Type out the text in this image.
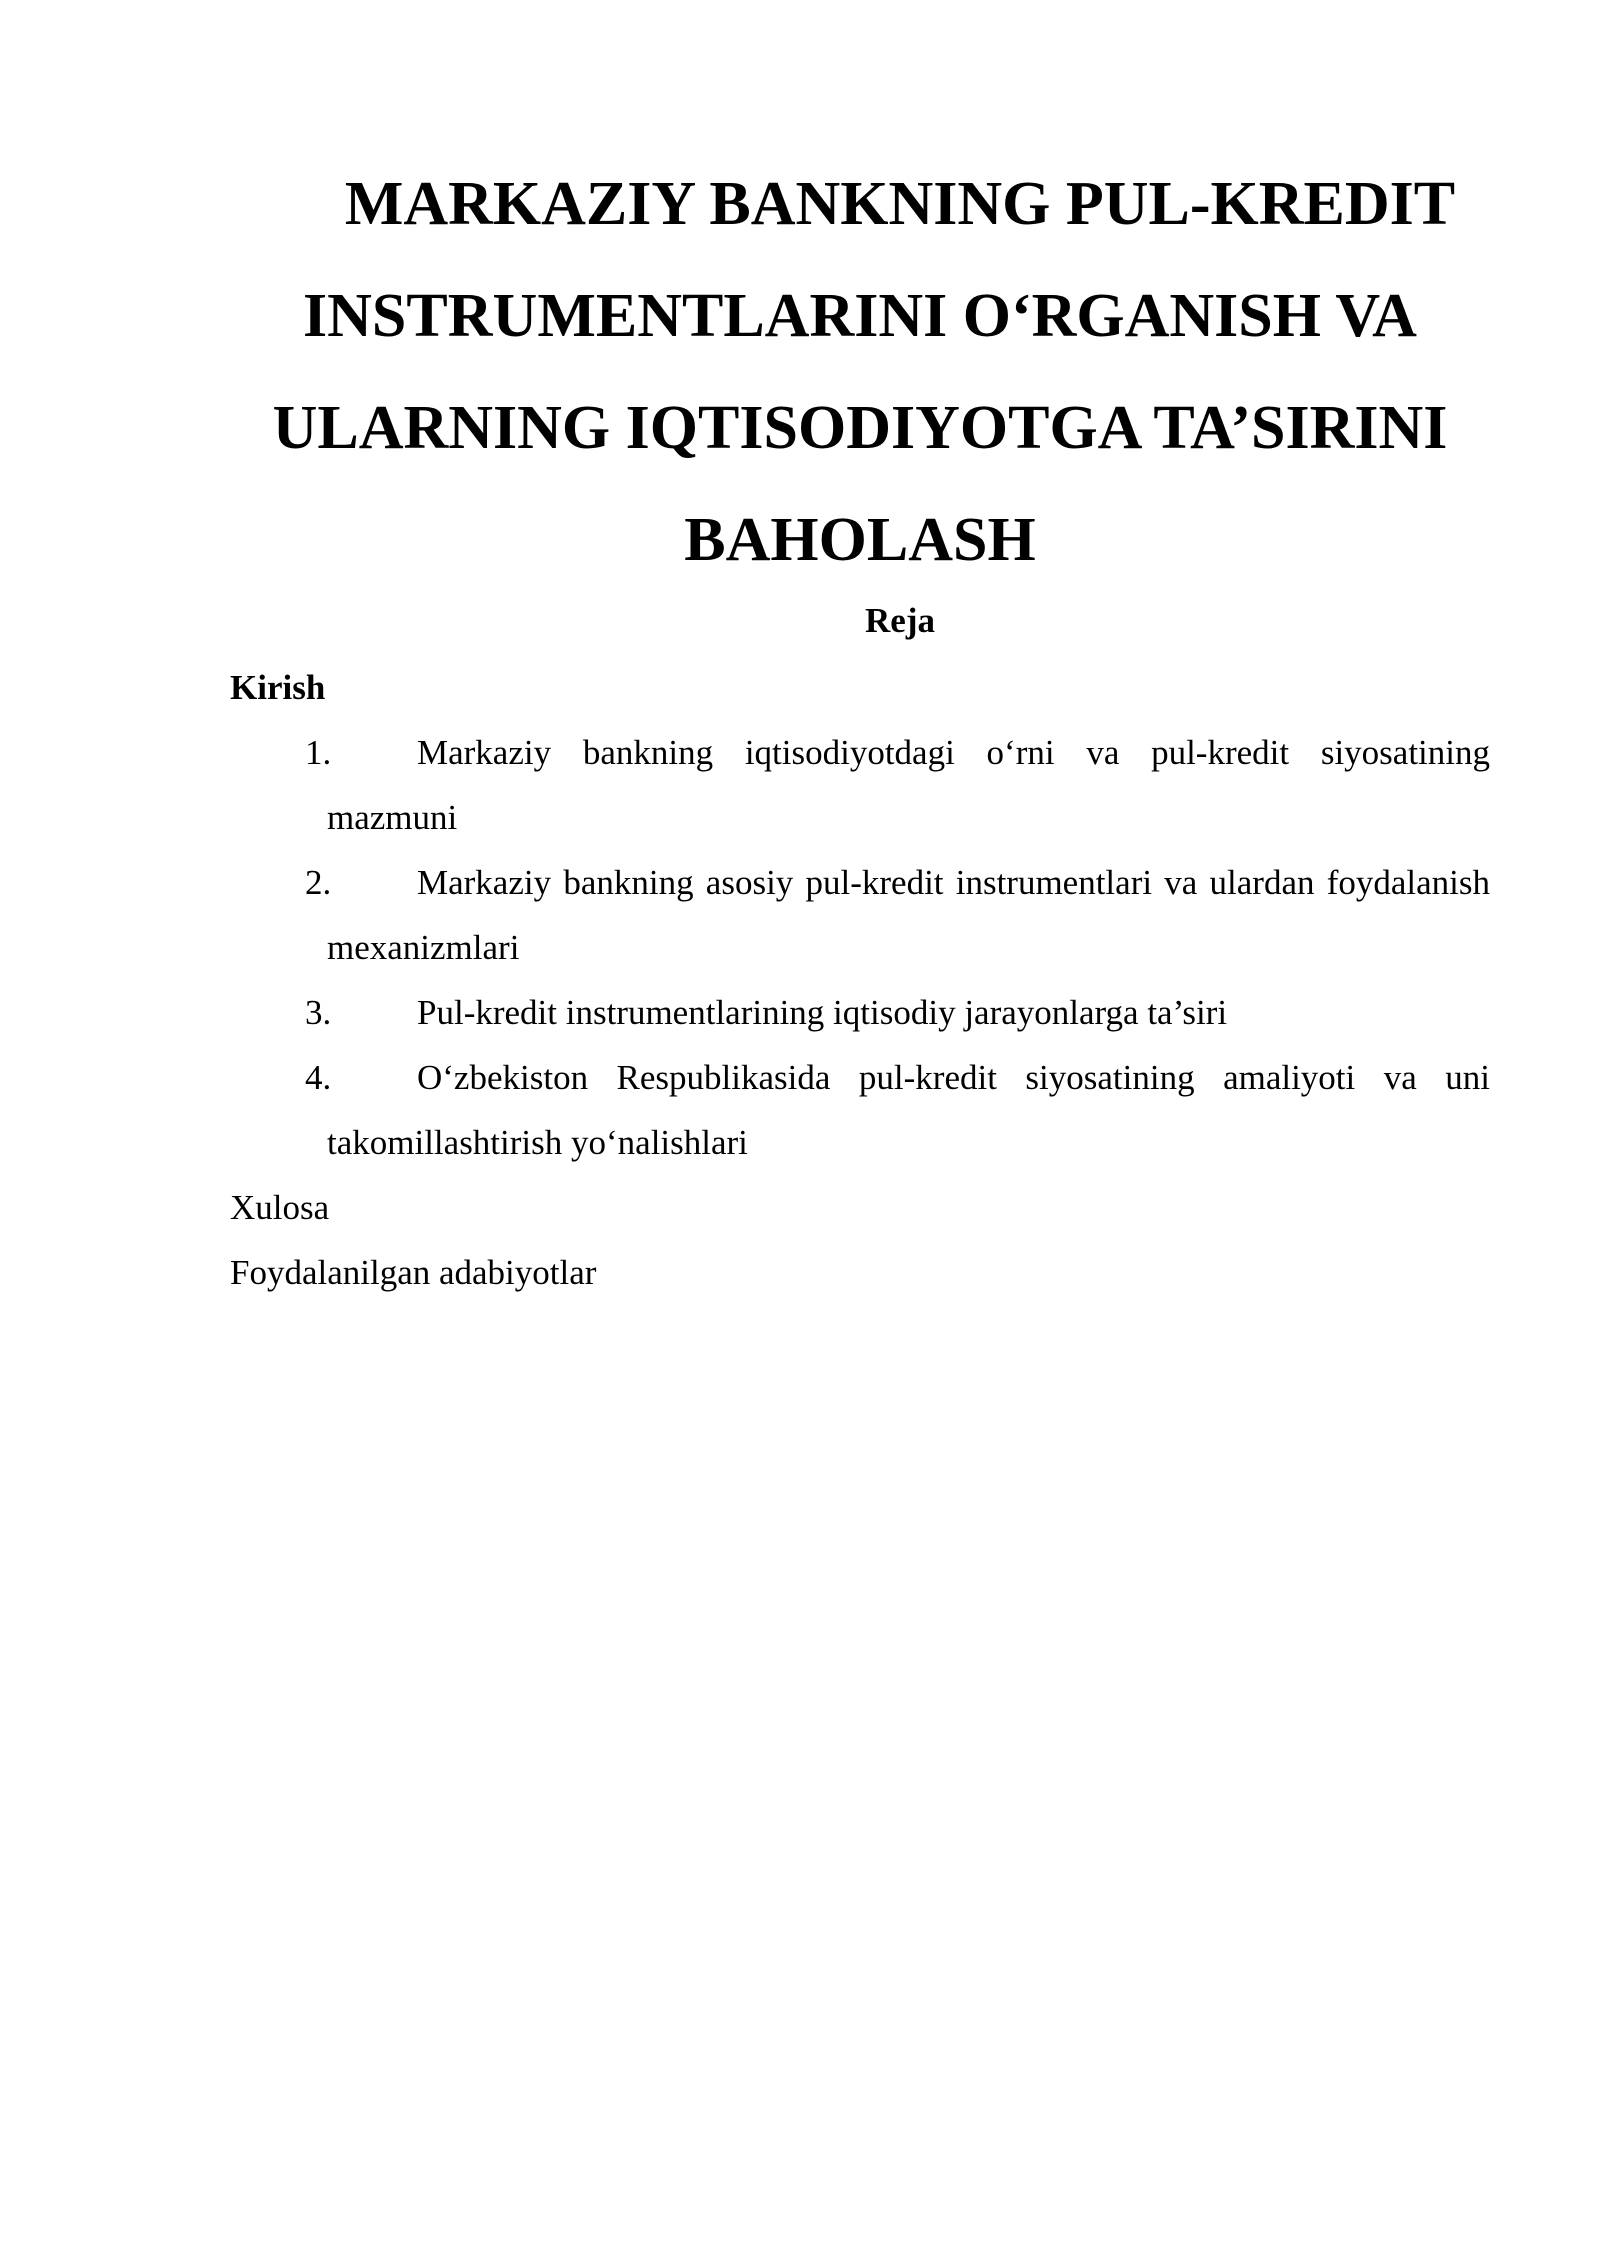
MARKAZIY BANKNING PUL-KREDIT INSTRUMENTLARINI O‘RGANISH VA ULARNING IQTISODIYOTGA TA’SIRINI BAHOLASH
Reja
Kirish
1. Markaziy bankning iqtisodiyotdagi o‘rni va pul-kredit siyosatining mazmuni
2. Markaziy bankning asosiy pul-kredit instrumentlari va ulardan foydalanish mexanizmlari
3. Pul-kredit instrumentlarining iqtisodiy jarayonlarga ta’siri
4. O‘zbekiston Respublikasida pul-kredit siyosatining amaliyoti va uni takomillashtirish yo‘nalishlari
Xulosa
Foydalanilgan adabiyotlar
